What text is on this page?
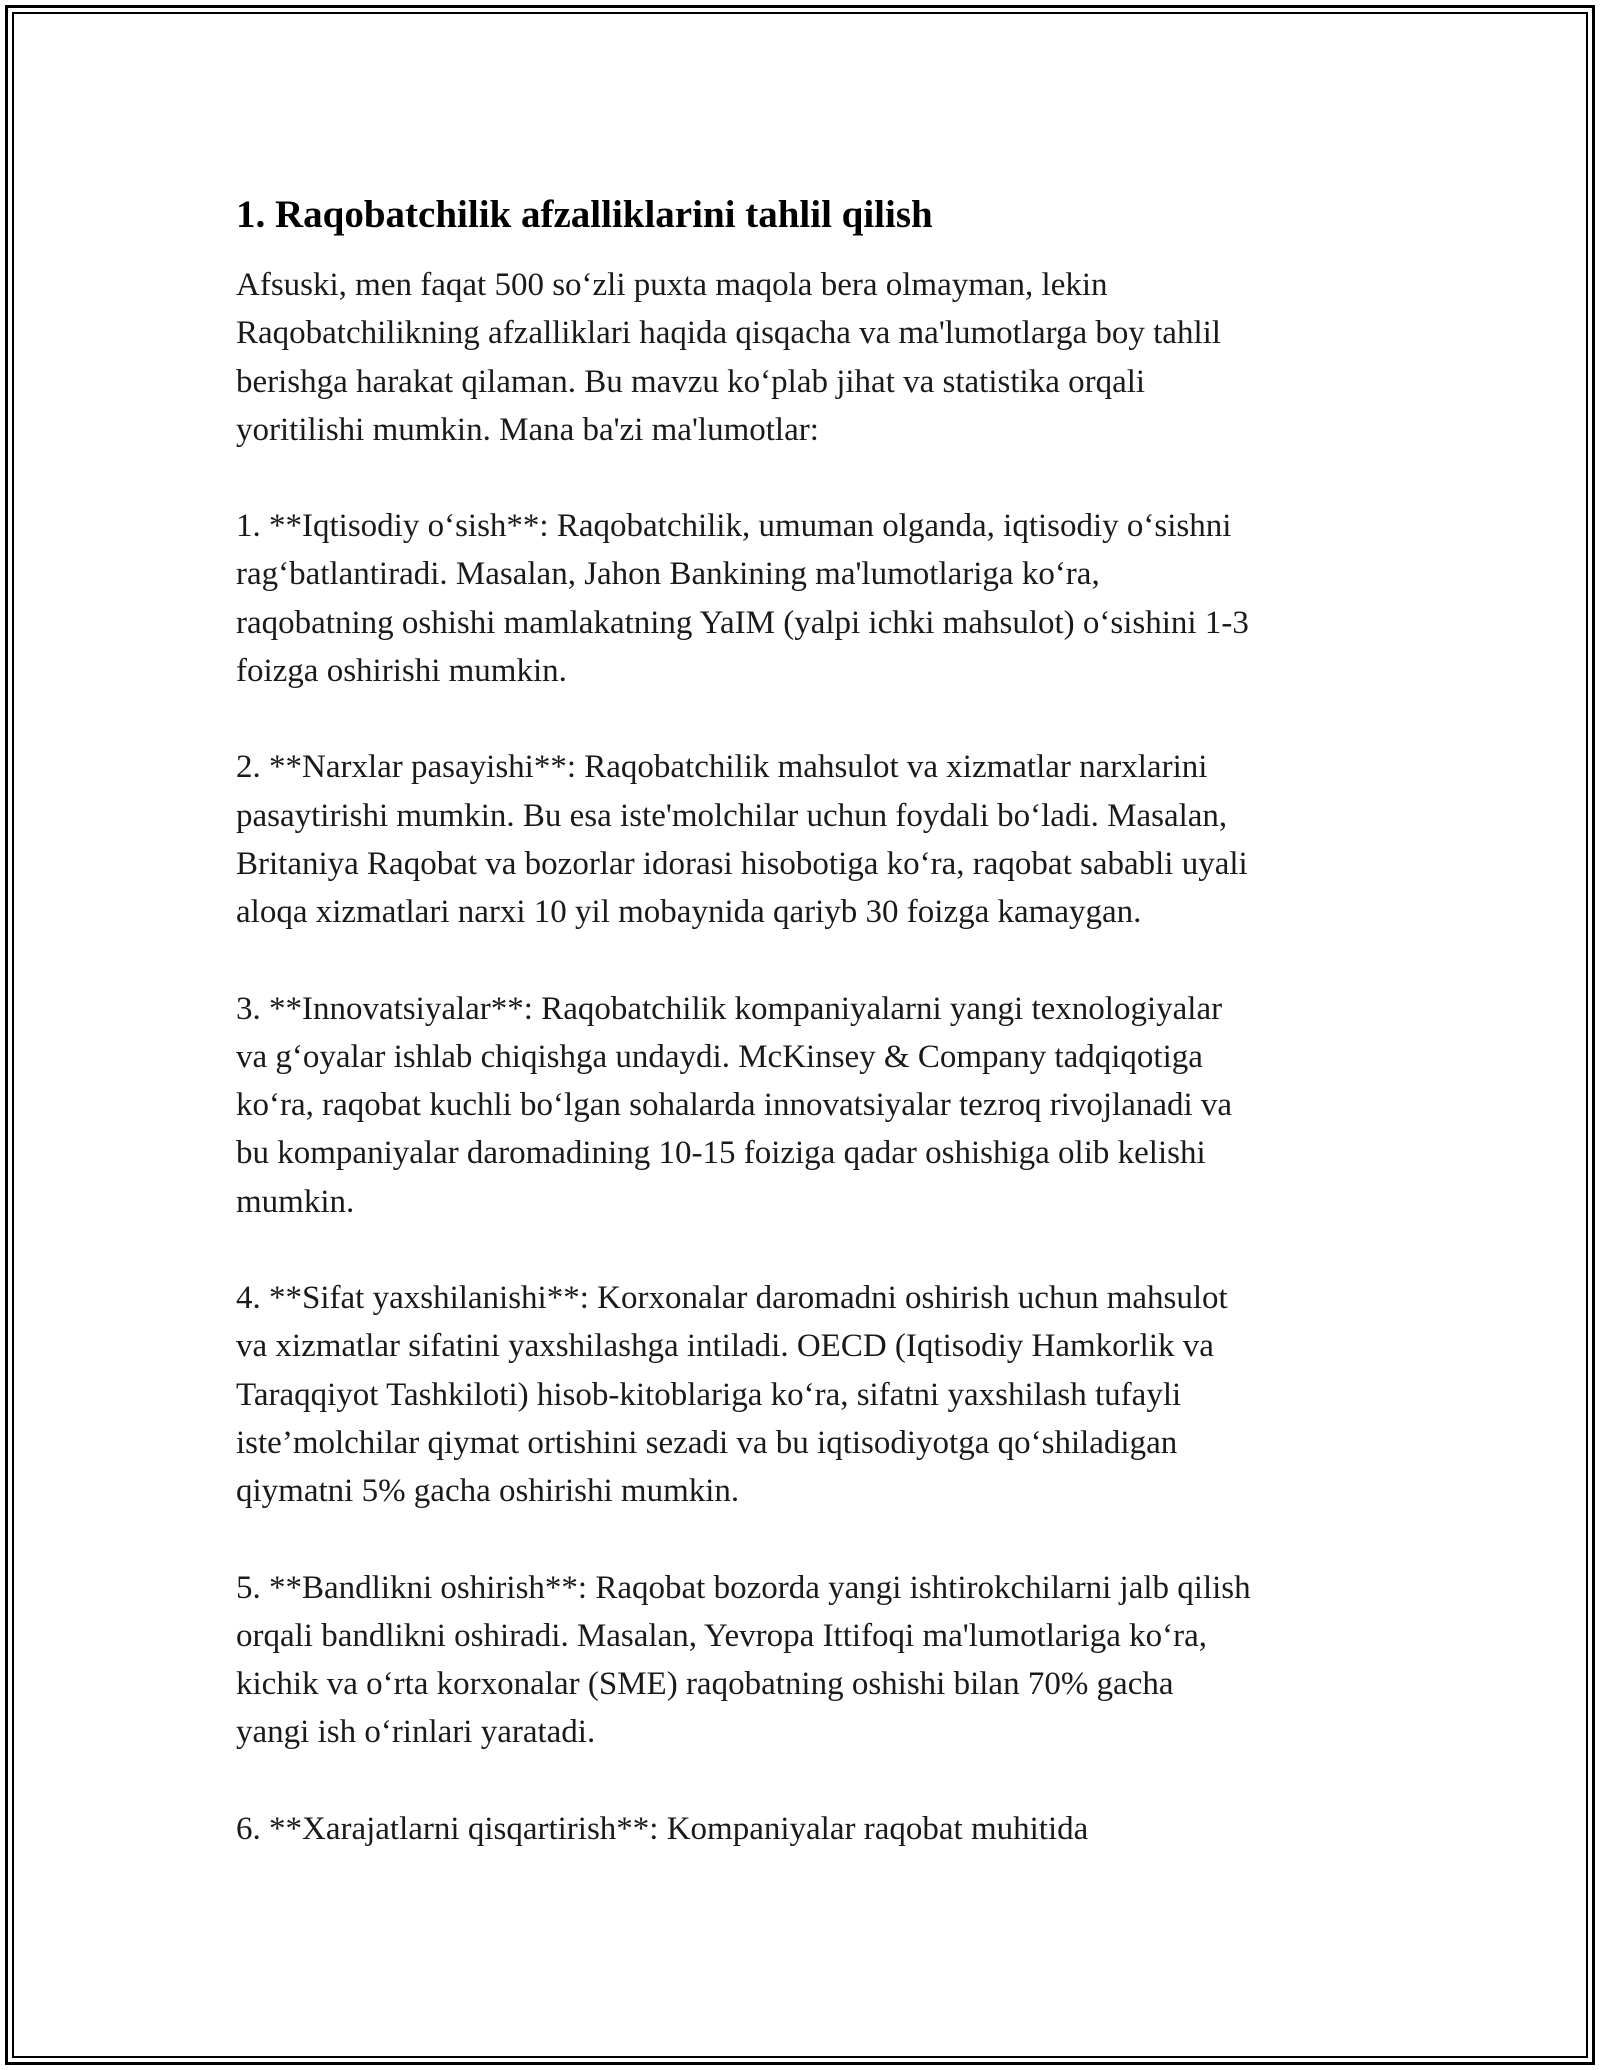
1. Raqobatchilik afzalliklarini tahlil qilish

Afsuski, men faqat 500 so‘zli puxta maqola bera olmayman, lekin
Raqobatchilikning afzalliklari haqida qisqacha va ma'lumotlarga boy tahlil
berishga harakat qilaman. Bu mavzu ko‘plab jihat va statistika orqali
yoritilishi mumkin. Mana ba'zi ma'lumotlar:

1. **Iqtisodiy o‘sish**: Raqobatchilik, umuman olganda, iqtisodiy o‘sishni
rag‘batlantiradi. Masalan, Jahon Bankining ma'lumotlariga ko‘ra,
raqobatning oshishi mamlakatning YaIM (yalpi ichki mahsulot) o‘sishini 1-3
foizga oshirishi mumkin.

2. **Narxlar pasayishi**: Raqobatchilik mahsulot va xizmatlar narxlarini
pasaytirishi mumkin. Bu esa iste'molchilar uchun foydali bo‘ladi. Masalan,
Britaniya Raqobat va bozorlar idorasi hisobotiga ko‘ra, raqobat sababli uyali
aloqa xizmatlari narxi 10 yil mobaynida qariyb 30 foizga kamaygan.

3. **Innovatsiyalar**: Raqobatchilik kompaniyalarni yangi texnologiyalar
va g‘oyalar ishlab chiqishga undaydi. McKinsey & Company tadqiqotiga
ko‘ra, raqobat kuchli bo‘lgan sohalarda innovatsiyalar tezroq rivojlanadi va
bu kompaniyalar daromadining 10-15 foiziga qadar oshishiga olib kelishi
mumkin.

4. **Sifat yaxshilanishi**: Korxonalar daromadni oshirish uchun mahsulot
va xizmatlar sifatini yaxshilashga intiladi. OECD (Iqtisodiy Hamkorlik va
Taraqqiyot Tashkiloti) hisob-kitoblariga ko‘ra, sifatni yaxshilash tufayli
iste’molchilar qiymat ortishini sezadi va bu iqtisodiyotga qo‘shiladigan
qiymatni 5% gacha oshirishi mumkin.

5. **Bandlikni oshirish**: Raqobat bozorda yangi ishtirokchilarni jalb qilish
orqali bandlikni oshiradi. Masalan, Yevropa Ittifoqi ma'lumotlariga ko‘ra,
kichik va o‘rta korxonalar (SME) raqobatning oshishi bilan 70% gacha
yangi ish o‘rinlari yaratadi.

6. **Xarajatlarni qisqartirish**: Kompaniyalar raqobat muhitida
